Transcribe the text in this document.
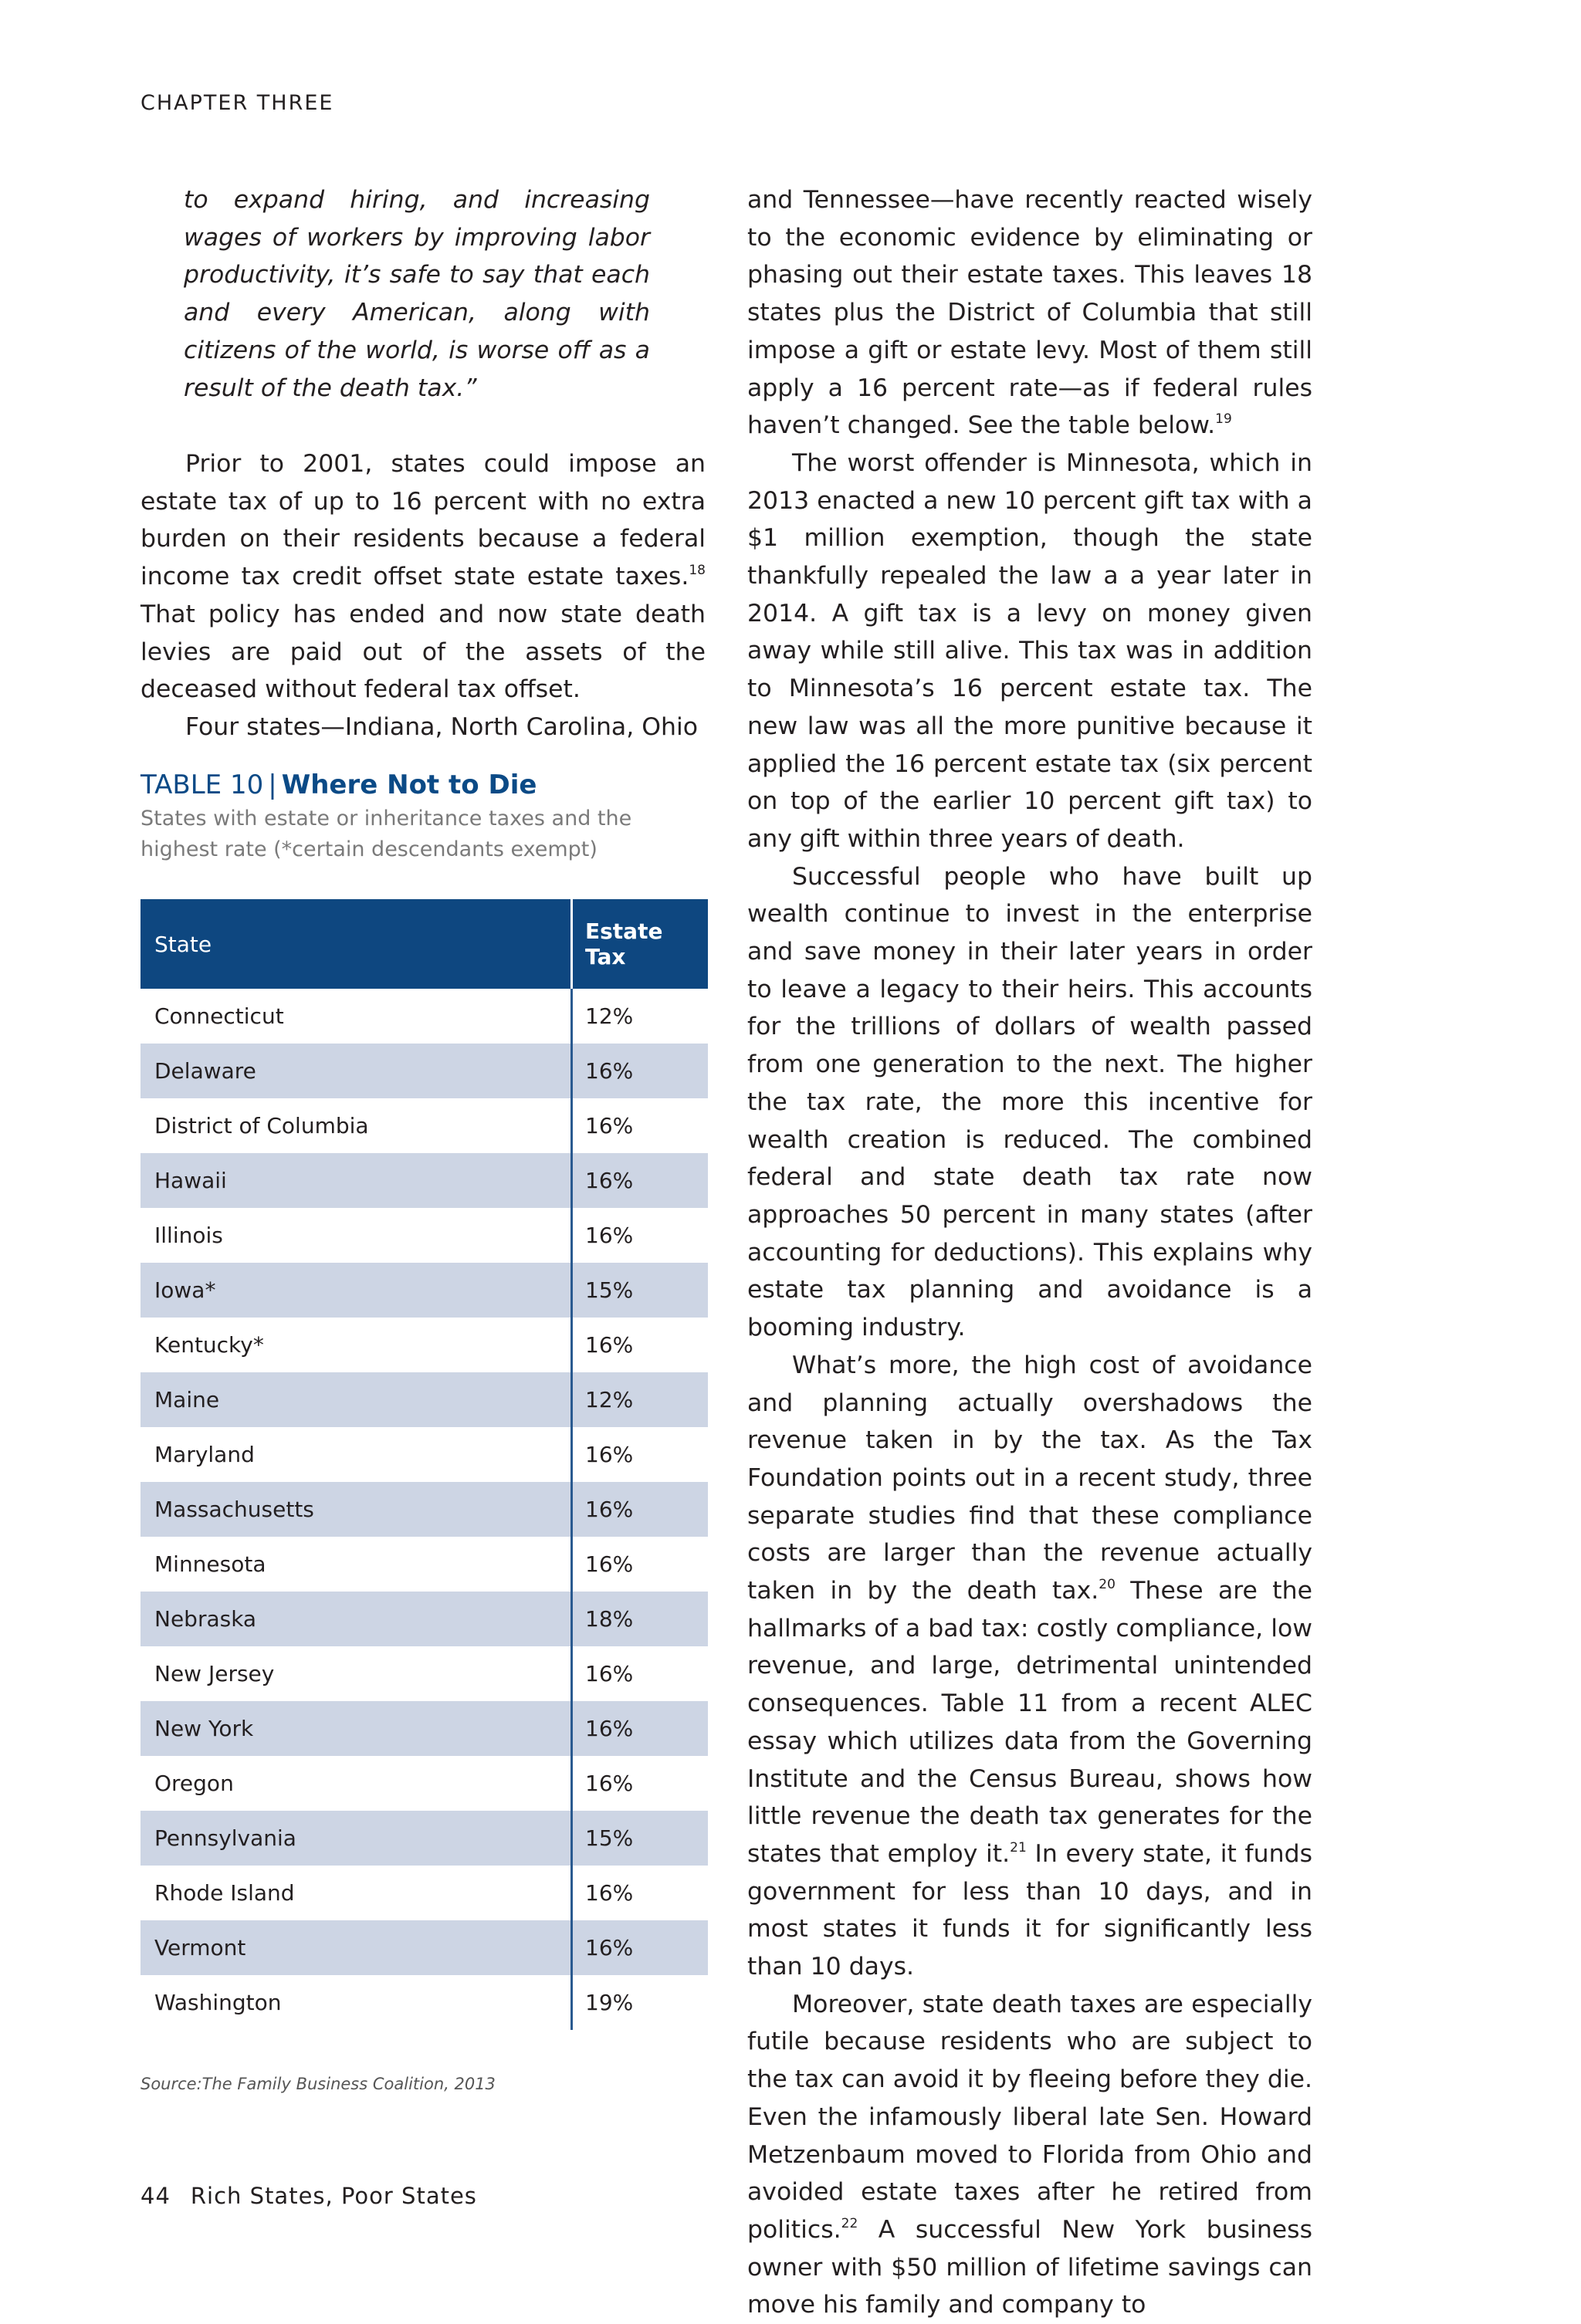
CHAPTER THREE
to expand hiring, and increasing wages of workers by improving labor productivity, it’s safe to say that each and every American, along with citizens of the world, is worse off as a result of the death tax.”

Prior to 2001, states could impose an estate tax of up to 16 percent with no extra burden on their residents because a federal income tax credit offset state estate taxes.$^{18}$ That policy has ended and now state death levies are paid out of the assets of the deceased without federal tax offset.

Four states—Indiana, North Carolina, Ohio

TABLE 10 | Where Not to Die
States with estate or inheritance taxes and the highest rate (*certain descendants exempt)
State	Estate Tax
Connecticut	12%
Delaware	16%
District of Columbia	16%
Hawaii	16%
Illinois	16%
Iowa*	15%
Kentucky*	16%
Maine	12%
Maryland	16%
Massachusetts	16%
Minnesota	16%
Nebraska	18%
New Jersey	16%
New York	16%
Oregon	16%
Pennsylvania	15%
Rhode Island	16%
Vermont	16%
Washington	19%
Source:The Family Business Coalition, 2013

and Tennessee—have recently reacted wisely to the economic evidence by eliminating or phasing out their estate taxes. This leaves 18 states plus the District of Columbia that still impose a gift or estate levy. Most of them still apply a 16 percent rate—as if federal rules haven’t changed. See the table below.$^{19}$

The worst offender is Minnesota, which in 2013 enacted a new 10 percent gift tax with a $1 million exemption, though the state thankfully repealed the law a a year later in 2014. A gift tax is a levy on money given away while still alive. This tax was in addition to Minnesota’s 16 percent estate tax. The new law was all the more punitive because it applied the 16 percent estate tax (six percent on top of the earlier 10 percent gift tax) to any gift within three years of death.

Successful people who have built up wealth continue to invest in the enterprise and save money in their later years in order to leave a legacy to their heirs. This accounts for the trillions of dollars of wealth passed from one generation to the next. The higher the tax rate, the more this incentive for wealth creation is reduced. The combined federal and state death tax rate now approaches 50 percent in many states (after accounting for deductions). This explains why estate tax planning and avoidance is a booming industry.

What’s more, the high cost of avoidance and planning actually overshadows the revenue taken in by the tax. As the Tax Foundation points out in a recent study, three separate studies find that these compliance costs are larger than the revenue actually taken in by the death tax.$^{20}$ These are the hallmarks of a bad tax: costly compliance, low revenue, and large, detrimental unintended consequences. Table 11 from a recent ALEC essay which utilizes data from the Governing Institute and the Census Bureau, shows how little revenue the death tax generates for the states that employ it.$^{21}$ In every state, it funds government for less than 10 days, and in most states it funds it for significantly less than 10 days.

Moreover, state death taxes are especially futile because residents who are subject to the tax can avoid it by fleeing before they die. Even the infamously liberal late Sen. Howard Metzenbaum moved to Florida from Ohio and avoided estate taxes after he retired from politics.$^{22}$ A successful New York business owner with $50 million of lifetime savings can move his family and company to

44 Rich States, Poor States
